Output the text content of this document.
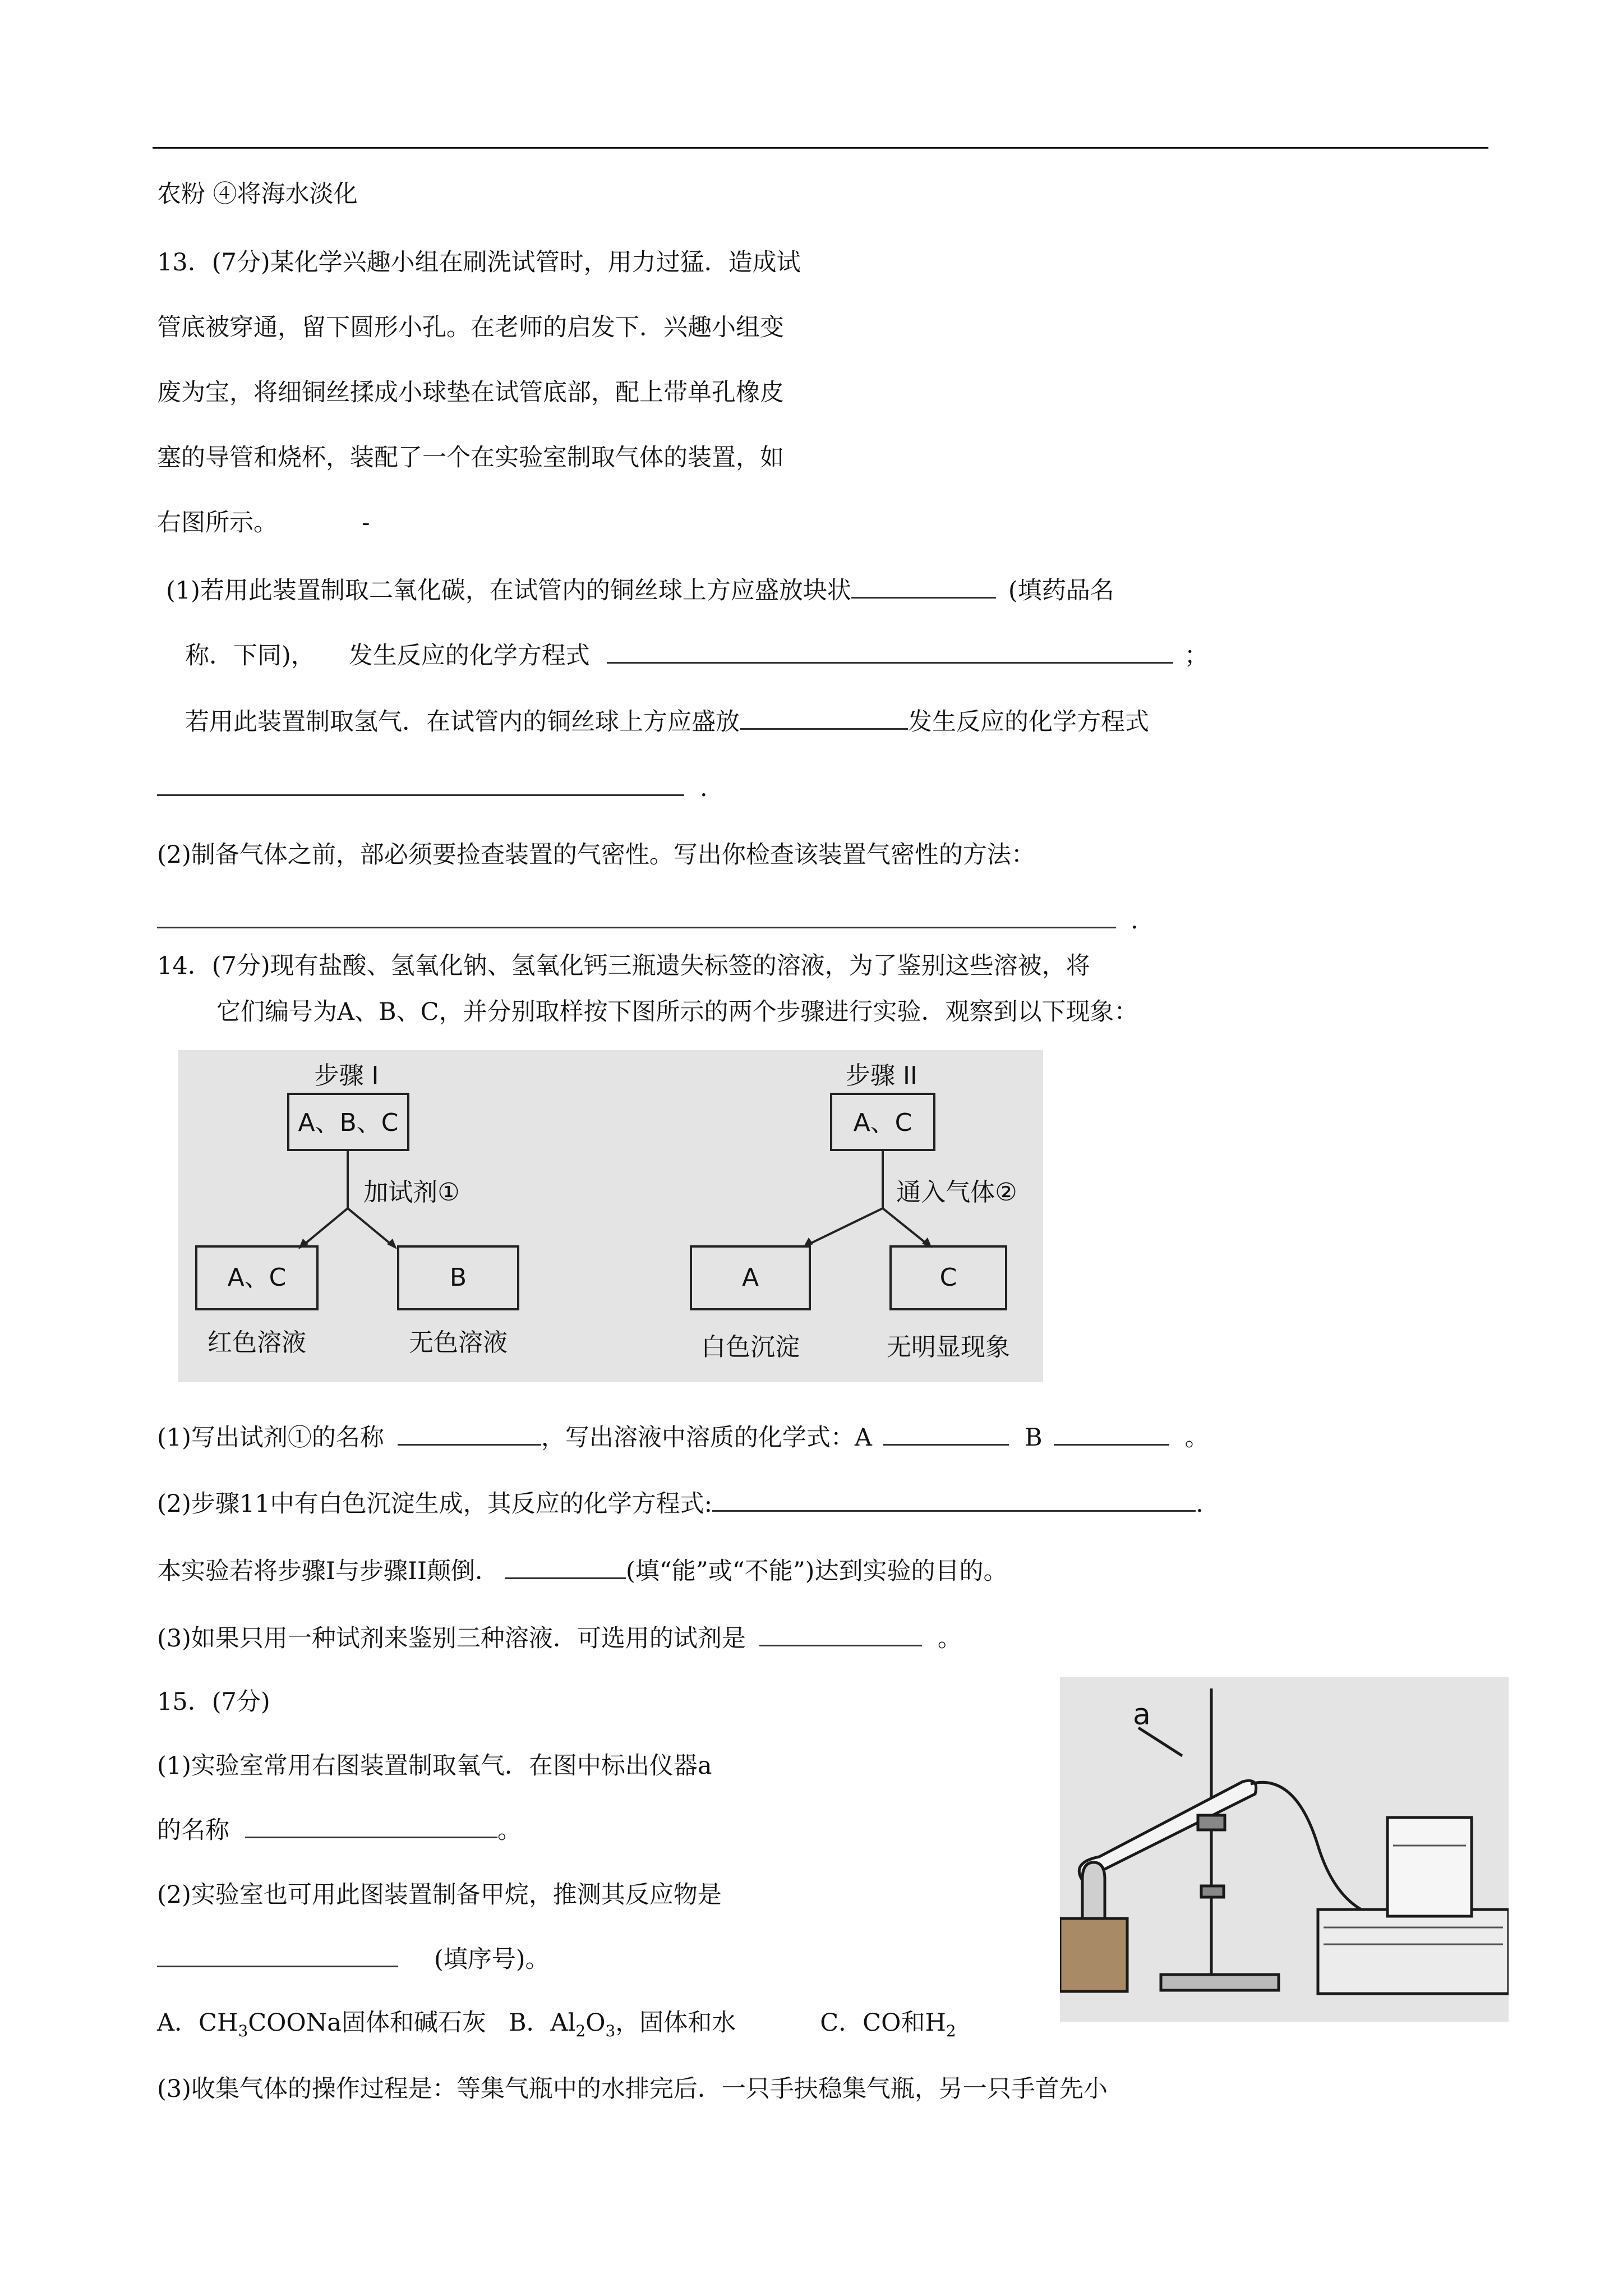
农粉 ④将海水淡化
13．(7分)某化学兴趣小组在刷洗试管时，用力过猛．造成试
管底被穿通，留下圆形小孔。在老师的启发下．兴趣小组变
废为宝，将细铜丝揉成小球垫在试管底部，配上带单孔橡皮
塞的导管和烧杯，装配了一个在实验室制取气体的装置，如
右图所示。	-
(1)若用此装置制取二氧化碳，在试管内的铜丝球上方应盛放块状	(填药品名
称．下同)， 发生反应的化学方程式	；
若用此装置制取氢气．在试管内的铜丝球上方应盛放	发生反应的化学方程式
.
(2)制备气体之前，部必须要捡查装置的气密性。写出你检查该装置气密性的方法：
.
14．(7分)现有盐酸、氢氧化钠、氢氧化钙三瓶遗失标签的溶液，为了鉴别这些溶被，将
它们编号为A、B、C，并分别取样按下图所示的两个步骤进行实验．观察到以下现象：
步骤 I
A、B、C
加试剂①
A、C	B
红色溶液	无色溶液
步骤 II
A、C
通入气体②
A	C
白色沉淀	无明显现象
(1)写出试剂①的名称	，写出溶液中溶质的化学式：A	B	。
(2)步骤11中有白色沉淀生成，其反应的化学方程式:	.
本实验若将步骤I与步骤II颠倒．	(填“能”或“不能”)达到实验的目的。
(3)如果只用一种试剂来鉴别三种溶液．可选用的试剂是	。
15．(7分)
(1)实验室常用右图装置制取氧气．在图中标出仪器a
的名称	。
(2)实验室也可用此图装置制备甲烷，推测其反应物是
(填序号)。
A．$CH_3COONa$固体和碱石灰 B．$Al_2O_3$，固体和水	C．CO和$H_2$
(3)收集气体的操作过程是：等集气瓶中的水排完后．一只手扶稳集气瓶，另一只手首先小
a
